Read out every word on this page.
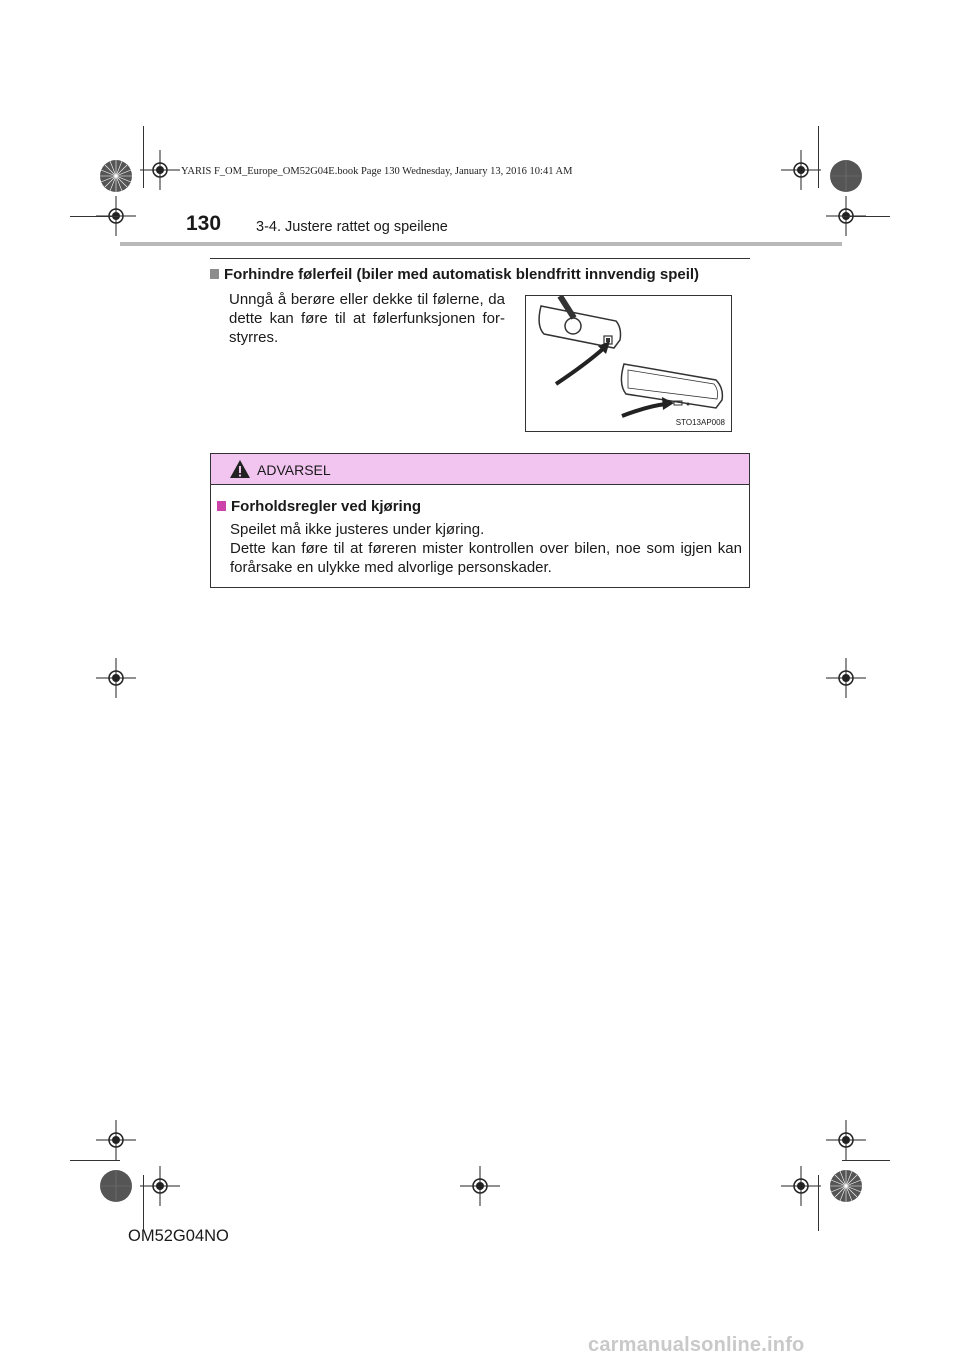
YARIS F_OM_Europe_OM52G04E.book Page 130 Wednesday, January 13, 2016 10:41 AM
130 3-4. Justere rattet og speilene
Forhindre følerfeil (biler med automatisk blendfritt innvendig speil)
Unngå å berøre eller dekke til følerne, da dette kan føre til at følerfunksjonen for-styrres.
STO13AP008
ADVARSEL
Forholdsregler ved kjøring
Speilet må ikke justeres under kjøring.
Dette kan føre til at føreren mister kontrollen over bilen, noe som igjen kan forårsake en ulykke med alvorlige personskader.
OM52G04NO
carmanualsonline.info
